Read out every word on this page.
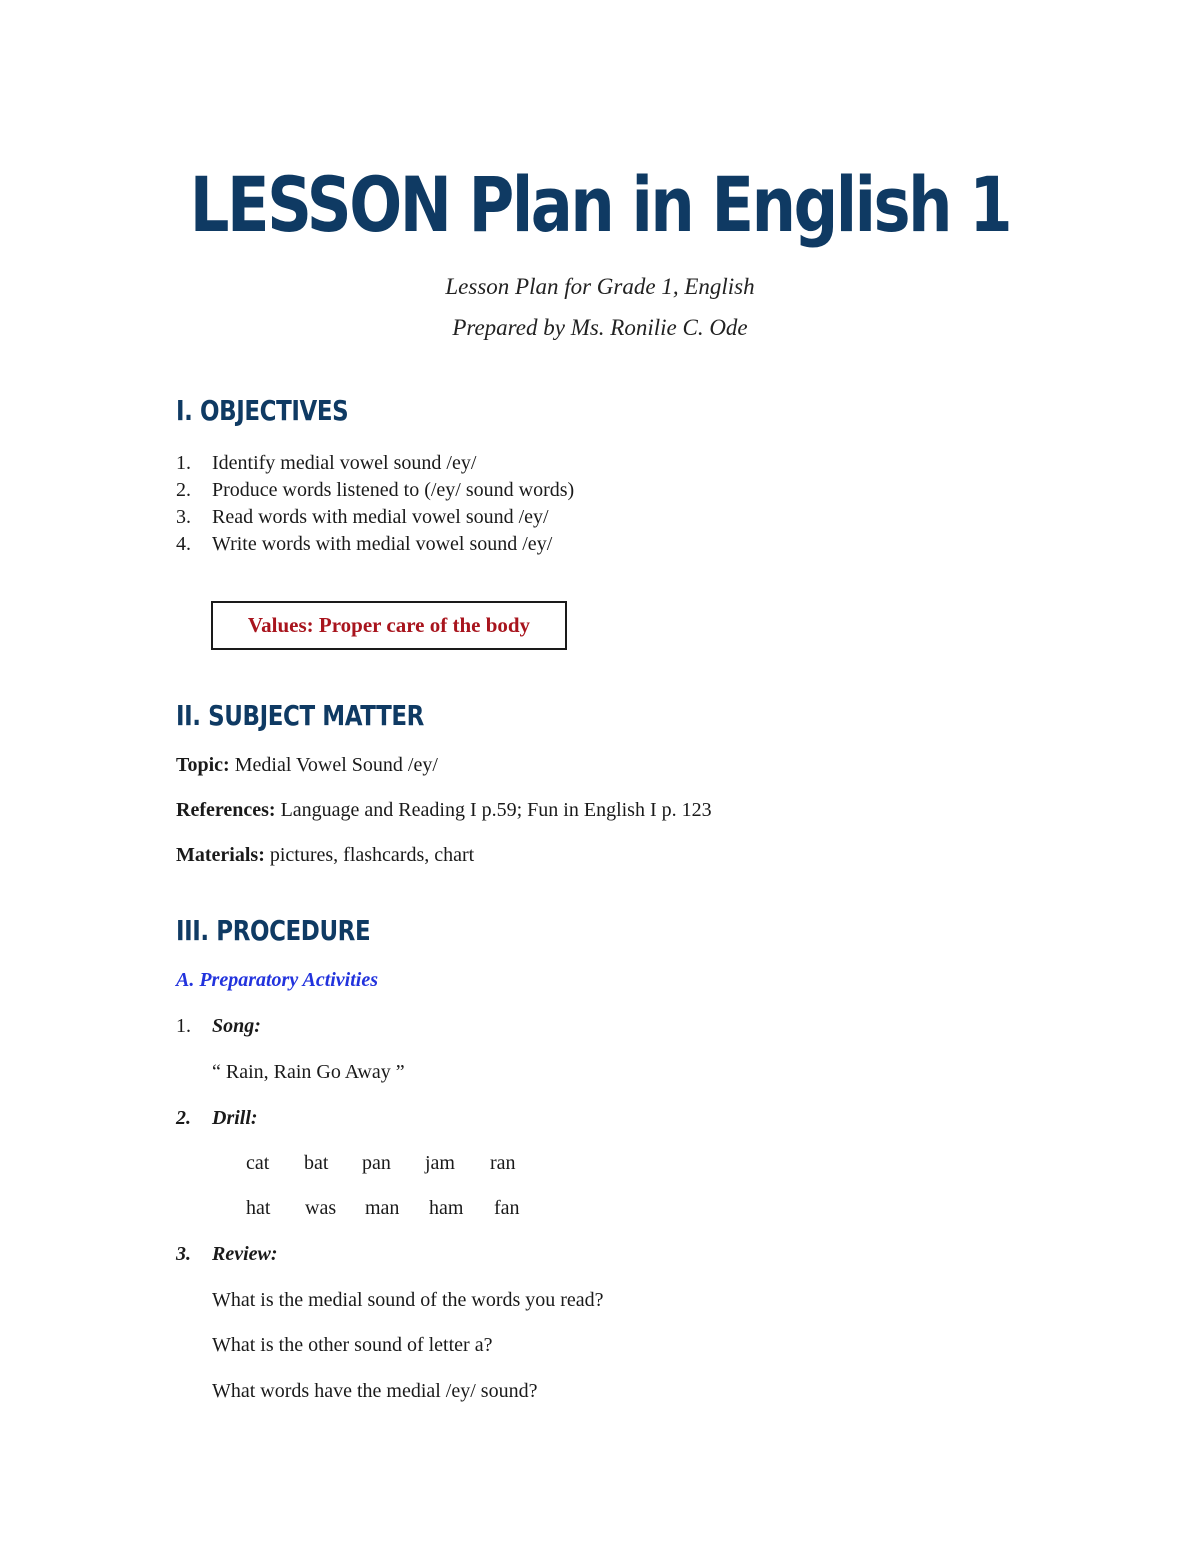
LESSON Plan in English 1
Lesson Plan for Grade 1, English
Prepared by Ms. Ronilie C. Ode
I. OBJECTIVES
1. Identify medial vowel sound /ey/
2. Produce words listened to (/ey/ sound words)
3. Read words with medial vowel sound /ey/
4. Write words with medial vowel sound /ey/
Values: Proper care of the body
II. SUBJECT MATTER
Topic: Medial Vowel Sound /ey/
References: Language and Reading I p.59; Fun in English I p. 123
Materials: pictures, flashcards, chart
III. PROCEDURE
A. Preparatory Activities
1. Song:
“ Rain, Rain Go Away ”
2. Drill:
cat bat pan jam ran
hat was man ham fan
3. Review:
What is the medial sound of the words you read?
What is the other sound of letter a?
What words have the medial /ey/ sound?
